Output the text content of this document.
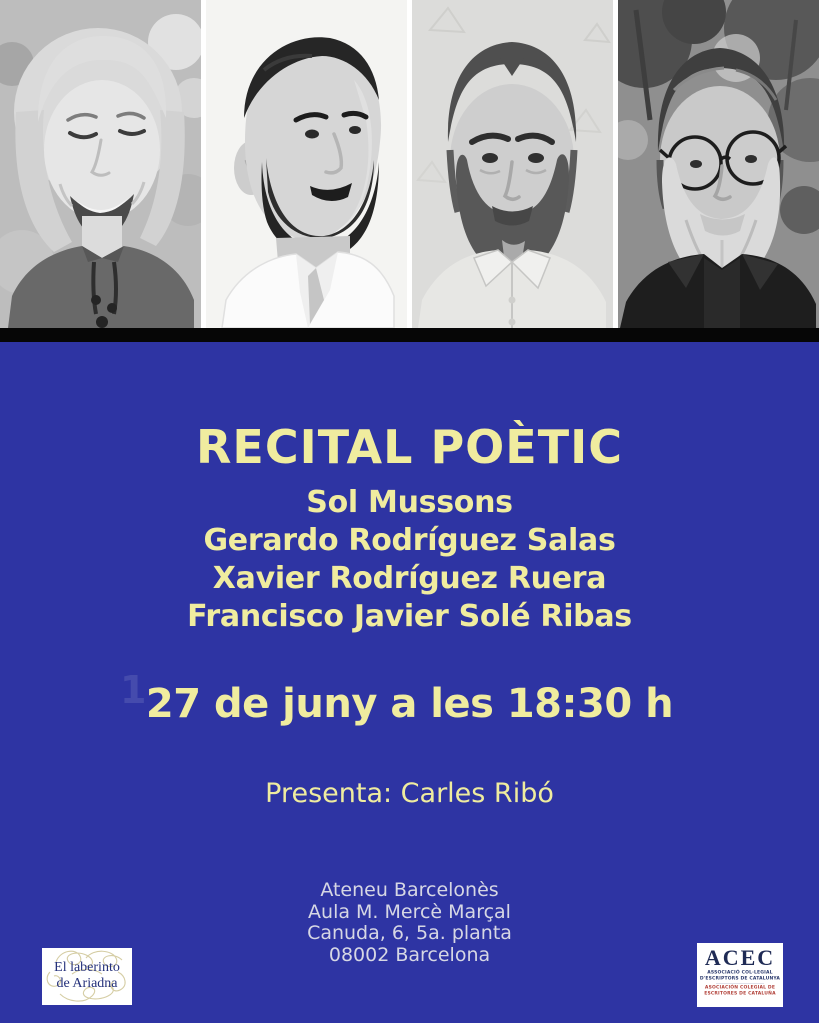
RECITAL POÈTIC
Sol Mussons
Gerardo Rodríguez Salas
Xavier Rodríguez Ruera
Francisco Javier Solé Ribas
1 27 de juny a les 18:30 h
Presenta: Carles Ribó
Ateneu Barcelonès
Aula M. Mercè Marçal
Canuda, 6, 5a. planta
08002 Barcelona
El laberinto
de Ariadna
ACEC
ASSOCIACIÓ COL·LEGIAL
D'ESCRIPTORS DE CATALUNYA
ASOCIACIÓN COLEGIAL DE
ESCRITORES DE CATALUÑA
